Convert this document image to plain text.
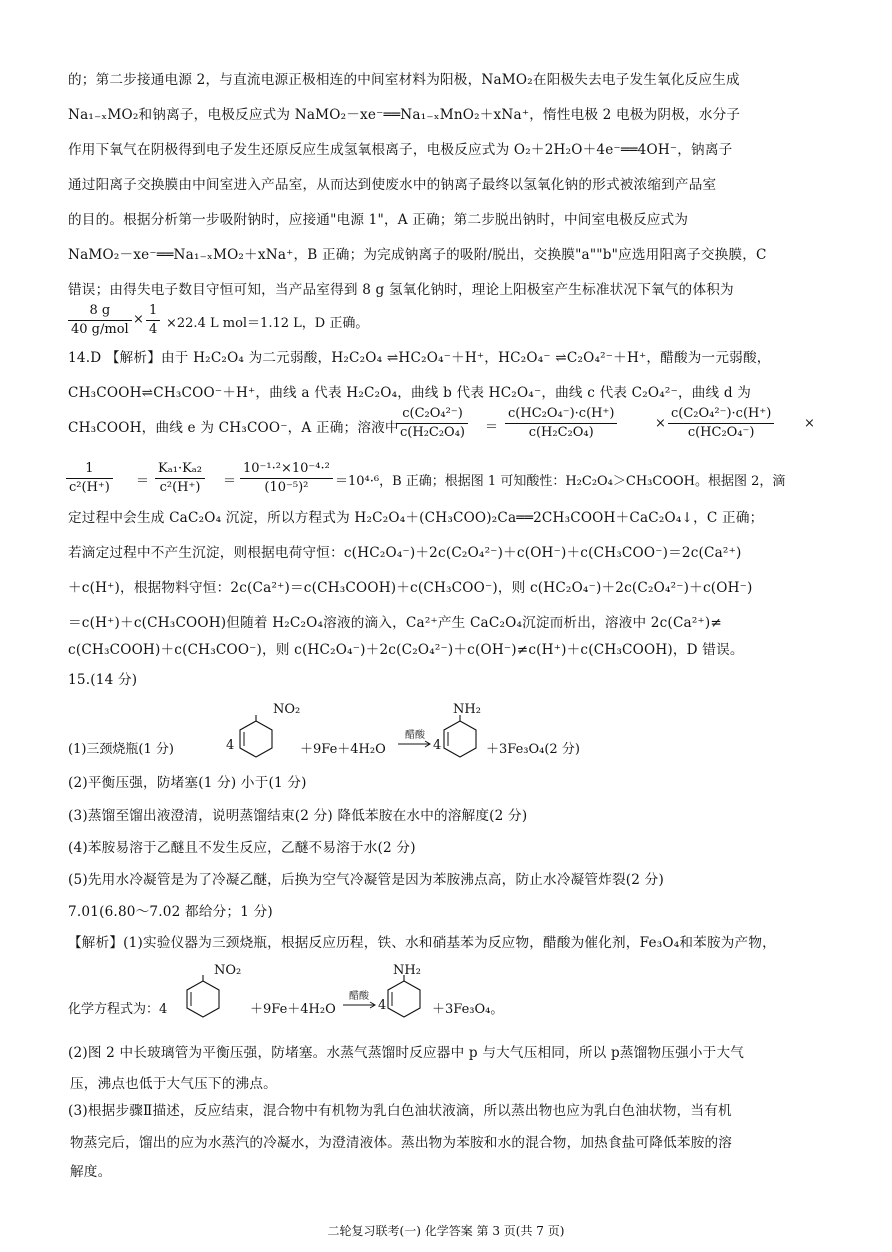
的；第二步接通电源 2，与直流电源正极相连的中间室材料为阳极，NaMO₂在阳极失去电子发生氧化反应生成
Na₁₋ₓMO₂和钠离子，电极反应式为 NaMO₂－xe⁻══Na₁₋ₓMnO₂＋xNa⁺，惰性电极 2 电极为阴极，水分子
作用下氧气在阴极得到电子发生还原反应生成氢氧根离子，电极反应式为 O₂＋2H₂O＋4e⁻══4OH⁻，钠离子
通过阳离子交换膜由中间室进入产品室，从而达到使废水中的钠离子最终以氢氧化钠的形式被浓缩到产品室
的目的。根据分析第一步吸附钠时，应接通"电源 1"，A 正确；第二步脱出钠时，中间室电极反应式为
NaMO₂－xe⁻══Na₁₋ₓMO₂＋xNa⁺，B 正确；为完成钠离子的吸附/脱出，交换膜"a""b"应选用阳离子交换膜，C
错误；由得失电子数目守恒可知，当产品室得到 8 g 氢氧化钠时，理论上阳极室产生标准状况下氧气的体积为
8 g
40 g/mol
× $\frac{1}{4} \times 22.4$ L mol＝1.12 L，D 正确。
14.D 【解析】由于 H₂C₂O₄ 为二元弱酸，H₂C₂O₄ ⇌HC₂O₄⁻＋H⁺，HC₂O₄⁻ ⇌C₂O₄²⁻＋H⁺，醋酸为一元弱酸，
CH₃COOH⇌CH₃COO⁻＋H⁺，曲线 a 代表 H₂C₂O₄，曲线 b 代表 HC₂O₄⁻，曲线 c 代表 C₂O₄²⁻，曲线 d 为
CH₃COOH，曲线 e 为 CH₃COO⁻，A 正确；溶液中
$\frac{\text{c(C₂O₄²⁻)}}{\text{c(H₂C₂O₄)}} = \frac{\text{c(HC₂O₄⁻)·c(H⁺)}}{\text{c(H₂C₂O₄)}}$	× $\frac{\text{c(C₂O₄²⁻)·c(H⁺)}}{\text{c(HC₂O₄⁻)}}$ ×
$\frac{1}{\text{c²(H⁺)}} = \frac{\text{Kₐ₁·Kₐ₂}}{\text{c²(H⁺)}} = \frac{\text{10⁻¹·²×10⁻⁴·²}}{\text{(10⁻⁵)²}} =10^4\cdot^6$，B 正确；根据图 1 可知酸性：H₂C₂O₄＞CH₃COOH。根据图 2，滴
定过程中会生成 CaC₂O₄ 沉淀，所以方程式为 H₂C₂O₄＋(CH₃COO)₂Ca══2CH₃COOH＋CaC₂O₄↓，C 正确；
若滴定过程中不产生沉淀，则根据电荷守恒：c(HC₂O₄⁻)＋2c(C₂O₄²⁻)＋c(OH⁻)＋c(CH₃COO⁻)＝2c(Ca²⁺)
＋c(H⁺)，根据物料守恒：2c(Ca²⁺)＝c(CH₃COOH)＋c(CH₃COO⁻)，则 c(HC₂O₄⁻)＋2c(C₂O₄²⁻)＋c(OH⁻)
＝c(H⁺)＋c(CH₃COOH)但随着 H₂C₂O₄溶液的滴入，Ca²⁺产生 CaC₂O₄沉淀而析出，溶液中 2c(Ca²⁺)≠
c(CH₃COOH)＋c(CH₃COO⁻)，则 c(HC₂O₄⁻)＋2c(C₂O₄²⁻)＋c(OH⁻)≠c(H⁺)＋c(CH₃COOH)，D 错误。
15.(14 分)
(1)三颈烧瓶(1 分)	4
NO₂
＋9Fe＋4H₂O
醋酸
4
NH₂
＋3Fe₃O₄(2 分)
(2)平衡压强，防堵塞(1 分) 小于(1 分)
(3)蒸馏至馏出液澄清，说明蒸馏结束(2 分) 降低苯胺在水中的溶解度(2 分)
(4)苯胺易溶于乙醚且不发生反应，乙醚不易溶于水(2 分)
(5)先用水冷凝管是为了冷凝乙醚，后换为空气冷凝管是因为苯胺沸点高，防止水冷凝管炸裂(2 分)
7.01(6.80～7.02 都给分；1 分)
【解析】(1)实验仪器为三颈烧瓶，根据反应历程，铁、水和硝基苯为反应物，醋酸为催化剂，Fe₃O₄和苯胺为产物，
化学方程式为：4
NO₂
＋9Fe＋4H₂O
醋酸
4
NH₂
＋3Fe₃O₄。
(2)图 2 中长玻璃管为平衡压强，防堵塞。水蒸气蒸馏时反应器中 p 与大气压相同，所以 p蒸馏物压强小于大气
压，沸点也低于大气压下的沸点。
(3)根据步骤Ⅱ描述，反应结束，混合物中有机物为乳白色油状液滴，所以蒸出物也应为乳白色油状物，当有机
物蒸完后，馏出的应为水蒸汽的冷凝水，为澄清液体。蒸出物为苯胺和水的混合物，加热食盐可降低苯胺的溶
解度。
二轮复习联考(一) 化学答案 第 3 页(共 7 页)
